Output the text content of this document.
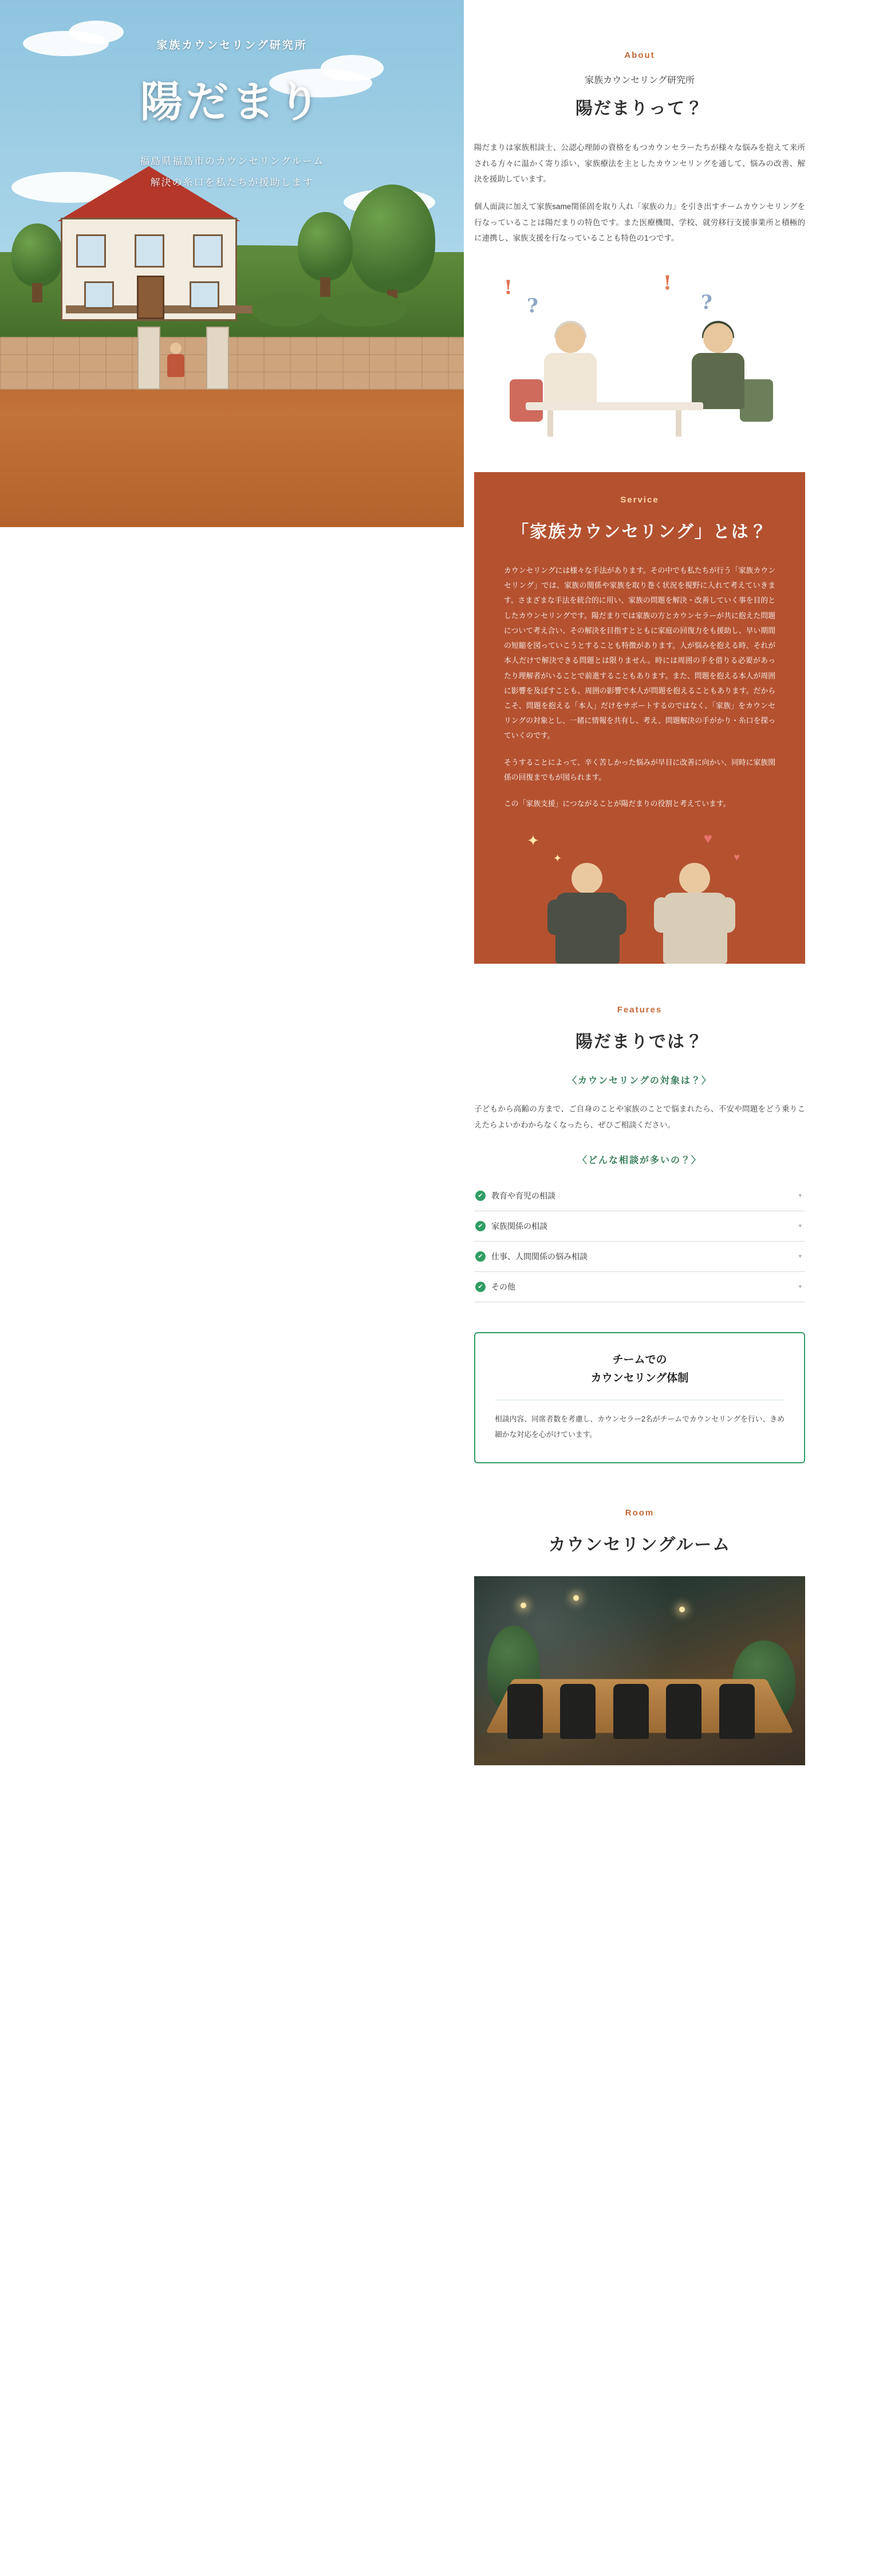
家族カウンセリング研究所
陽だまり
福島県福島市のカウンセリングルーム
解決の糸口を私たちが援助します
About
家族カウンセリング研究所
陽だまりって？

陽だまりは家族相談士、公認心理師の資格をもつカウンセラーたちが様々な悩みを抱えて来所される方々に温かく寄り添い、家族療法を主としたカウンセリングを通して、悩みの改善、解決を援助しています。

個人面談に加えて家族same関係固を取り入れ「家族の力」を引き出すチームカウンセリングを行なっていることは陽だまりの特色です。また医療機関、学校、就労移行支援事業所と積極的に連携し、家族支援を行なっていることも特色の1つです。

!
?
!
?
Service
「家族カウンセリング」とは？

カウンセリングには様々な手法があります。その中でも私たちが行う「家族カウンセリング」では、家族の関係や家族を取り巻く状況を視野に入れて考えていきます。さまざまな手法を統合的に用い、家族の問題を解決・改善していく事を目的としたカウンセリングです。陽だまりでは家族の方とカウンセラーが共に抱えた問題について考え合い、その解決を目指すとともに家庭の回復力をも援助し、早い期間の短縮を図っていこうとすることも特徴があります。人が悩みを抱える時、それが本人だけで解決できる問題とは限りません。時には周囲の手を借りる必要があったり理解者がいることで前進することもあります。また、問題を抱える本人が周囲に影響を及ぼすことも、周囲の影響で本人が問題を抱えることもあります。だからこそ、問題を抱える「本人」だけをサポートするのではなく、「家族」をカウンセリングの対象とし、一緒に情報を共有し、考え、問題解決の手がかり・糸口を探っていくのです。

そうすることによって、辛く苦しかった悩みが早目に改善に向かい、同時に家族関係の回復までもが図られます。

この「家族支援」につながることが陽だまりの役割と考えています。

✦
✦
♥
♥
Features
陽だまりでは？
〈カウンセリングの対象は？〉

子どもから高齢の方まで、ご自身のことや家族のことで悩まれたら、不安や問題をどう乗りこえたらよいかわからなくなったら、ぜひご相談ください。

〈どんな相談が多いの？〉
✔	教育や育児の相談	▾
✔	家族関係の相談	▾
✔	仕事、人間関係の悩み相談	▾
✔	その他	▾
チームでの
カウンセリング体制

相談内容、同席者数を考慮し、カウンセラー2名がチームでカウンセリングを行い、きめ細かな対応を心がけています。

Room
カウンセリングルーム
